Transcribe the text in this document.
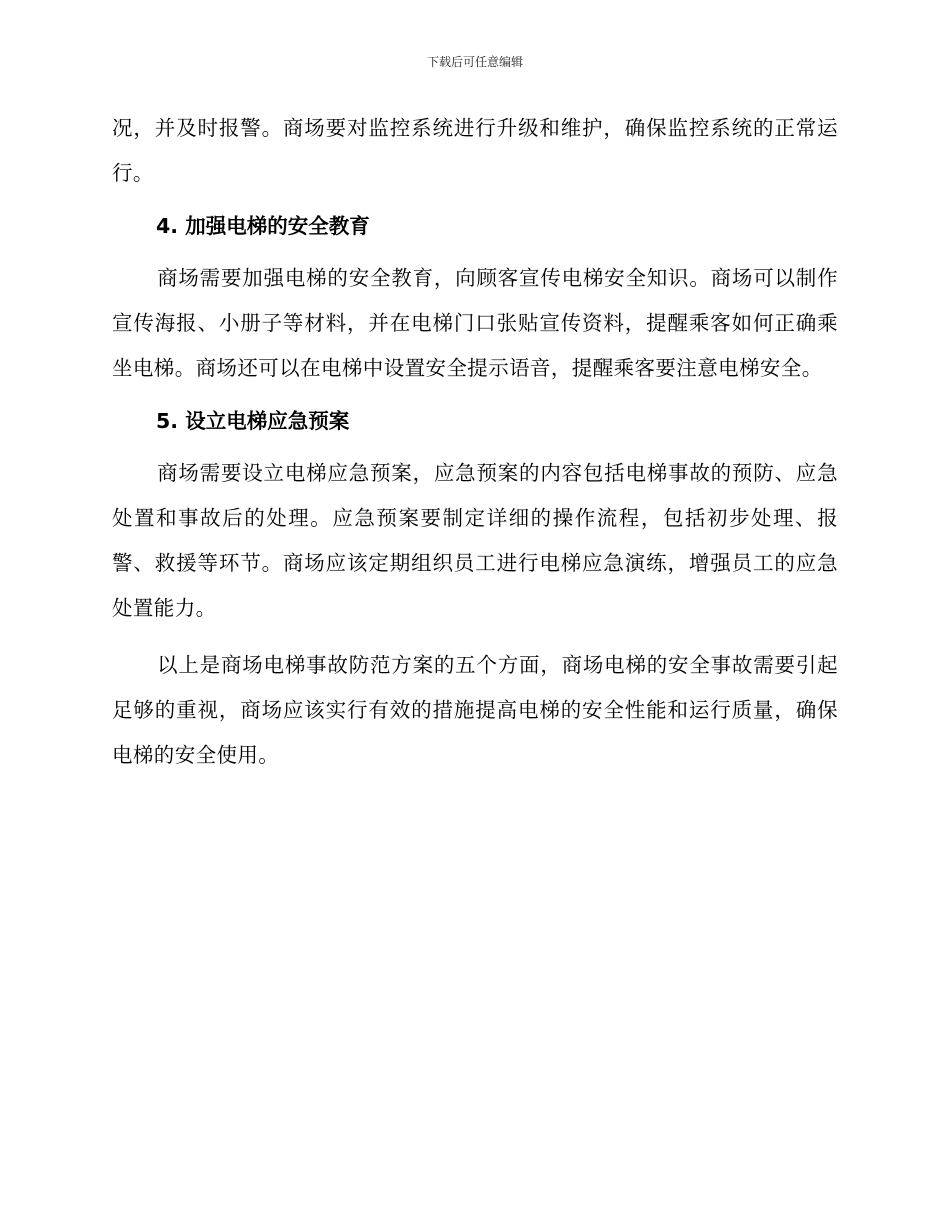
下载后可任意编辑

况，并及时报警。商场要对监控系统进行升级和维护，确保监控系统的正常运行。

4. 加强电梯的安全教育

商场需要加强电梯的安全教育，向顾客宣传电梯安全知识。商场可以制作宣传海报、小册子等材料，并在电梯门口张贴宣传资料，提醒乘客如何正确乘坐电梯。商场还可以在电梯中设置安全提示语音，提醒乘客要注意电梯安全。

5. 设立电梯应急预案

商场需要设立电梯应急预案，应急预案的内容包括电梯事故的预防、应急处置和事故后的处理。应急预案要制定详细的操作流程，包括初步处理、报警、救援等环节。商场应该定期组织员工进行电梯应急演练，增强员工的应急处置能力。

以上是商场电梯事故防范方案的五个方面，商场电梯的安全事故需要引起足够的重视，商场应该实行有效的措施提高电梯的安全性能和运行质量，确保电梯的安全使用。
